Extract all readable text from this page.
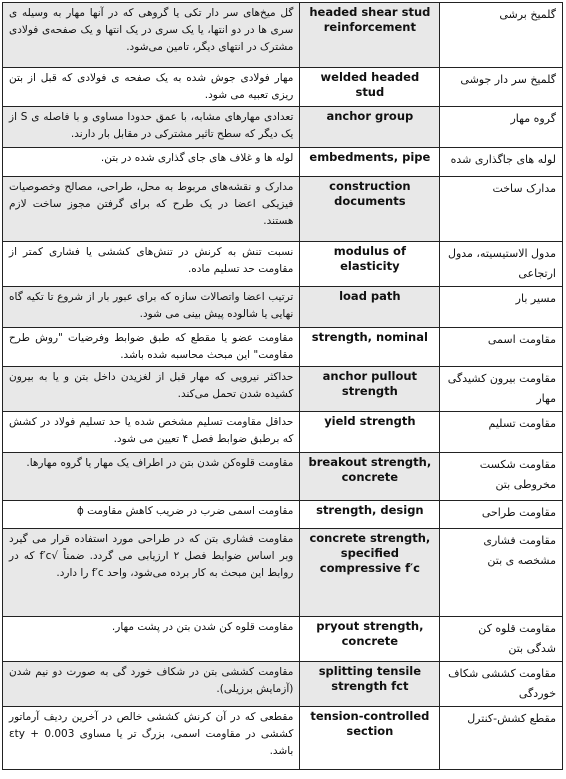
گل میخ‌های سر دار تکی یا گروهی که در آنها مهار به وسیله ی سری ها در دو انتها، یا یک سری در یک انتها و یک صفحه‌ی فولادی مشترک در انتهای دیگر، تامین می‌شود.	headed shear stud reinforcement	گلمیخ برشی
مهار فولادی جوش شده به یک صفحه ی فولادی که قبل از بتن ریزی تعبیه می شود.	welded headed stud	گلمیخ سر دار جوشی
تعدادی مهارهای مشابه، با عمق حدودا مساوی و با فاصله ی S از یک دیگر که سطح تاثیر مشترکی در مقابل بار دارند.	anchor group	گروه مهار
لوله ها و غلاف های جای گذاری شده در بتن.	embedments, pipe	لوله های جاگذاری شده
مدارک و نقشه‌های مربوط به محل، طراحی، مصالح وخصوصیات فیزیکی اعضا در یک طرح که برای گرفتن مجوز ساخت لازم هستند.	construction documents	مدارک ساخت
نسبت تنش به کرنش در تنش‌های کششی یا فشاری کمتر از مقاومت حد تسلیم ماده.	modulus of elasticity	مدول الاستیسیته، مدول ارتجاعی
ترتیب اعضا واتصالات سازه که برای عبور بار از شروع تا تکیه گاه نهایی یا شالوده پیش بینی می شود.	load path	مسیر بار
مقاومت عضو یا مقطع که طبق ضوابط وفرضیات "روش طرح مقاومت" این مبحث محاسبه شده باشد.	strength, nominal	مقاومت اسمی
حداکثر نیرویی که مهار قبل از لغزیدن داخل بتن و یا به بیرون کشیده شدن تحمل می‌کند.	anchor pullout strength	مقاومت بیرون کشیدگی مهار
حداقل مقاومت تسلیم مشخص شده یا حد تسلیم فولاد در کشش که برطبق ضوابط فصل ۴ تعیین می شود.	yield strength	مقاومت تسلیم
مقاومت قلوه‌کن شدن بتن در اطراف یک مهار یا گروه مهارها.	breakout strength, concrete	مقاومت شکست مخروطی بتن
مقاومت اسمی ضرب در ضریب کاهش مقاومت ϕ	strength, design	مقاومت طراحی
مقاومت فشاری بتن که در طراحی مورد استفاده قرار می گیرد وبر اساس ضوابط فصل ۲ ارزیابی می گردد. ضمناً √f′c که در روابط این مبحث به کار برده می‌شود، واحد f′c را دارد.	concrete strength, specified compressive f′c	مقاومت فشاری مشخصه ی بتن
مقاومت قلوه کن شدن بتن در پشت مهار.	pryout strength, concrete	مقاومت قلوه کن شدگی بتن
مقاومت کششی بتن در شکاف خورد گی به صورت دو نیم شدن (آزمایش برزیلی).	splitting tensile strength fct	مقاومت کششی شکاف خوردگی
مقطعی که در آن کرنش کششی خالص در آخرین ردیف آرماتور کششی در مقاومت اسمی، بزرگ تر یا مساوی εty + 0.003 باشد.	tension-controlled section	مقطع کشش-کنترل
